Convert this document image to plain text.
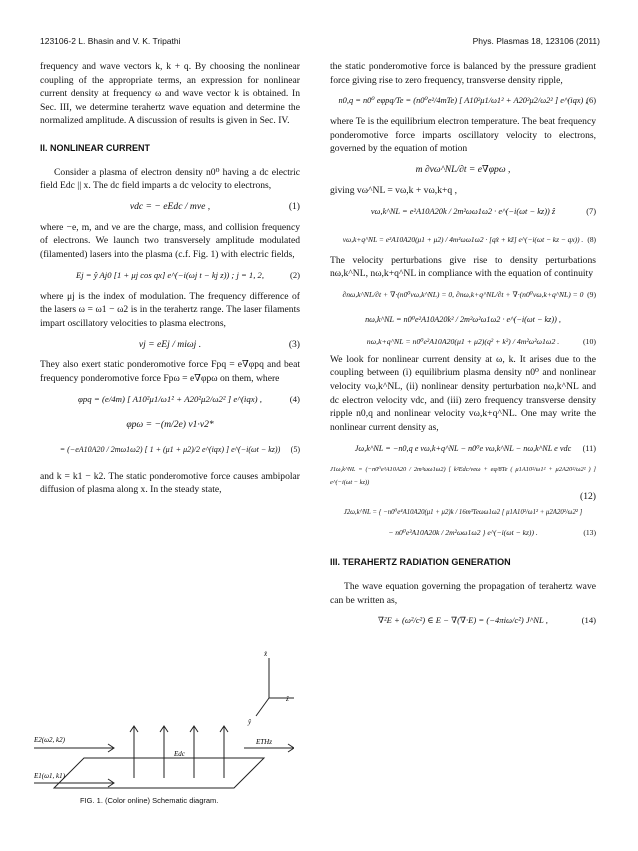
123106-2 L. Bhasin and V. K. Tripathi	Phys. Plasmas 18, 123106 (2011)

frequency and wave vectors k, k + q. By choosing the nonlinear coupling of the appropriate terms, an expression for nonlinear current density at frequency ω and wave vector k is obtained. In Sec. III, we determine terahertz wave equation and determine the normalized amplitude. A discussion of results is given in Sec. IV.

II. NONLINEAR CURRENT

Consider a plasma of electron density n0⁰ having a dc electric field Edc || x. The dc field imparts a dc velocity to electrons,

vdc = − eEdc / mνe ,	(1)

where −e, m, and νe are the charge, mass, and collision frequency of electrons. We launch two transversely amplitude modulated (filamented) lasers into the plasma (c.f. Fig. 1) with electric fields,

Ej = ŷ Aj0 [1 + μj cos qx] e^(−i(ωj t − kj z)) ; j = 1, 2,	(2)

where μj is the index of modulation. The frequency difference of the lasers ω = ω1 − ω2 is in the terahertz range. The laser filaments impart oscillatory velocities to plasma electrons,

vj = eEj / miωj .	(3)

They also exert static ponderomotive force Fpq = e∇φpq and beat frequency ponderomotive force Fpω = e∇φpω on them, where

φpq = (e/4m) [ A10²μ1/ω1² + A20²μ2/ω2² ] e^(iqx) ,	(4)
φpω = −(m/2e) v1·v2*
= (−eA10A20 / 2mω1ω2) [ 1 + (μ1 + μ2)/2 e^(iqx) ] e^(−i(ωt − kz)) (5)

and k = k1 − k2. The static ponderomotive force causes ambipolar diffusion of plasma along x. In the steady state,

x̂
ẑ
ŷ
E2(ω2, k2)
E1(ω1, k1)
Edc
ETHz
FIG. 1. (Color online) Schematic diagram.

the static ponderomotive force is balanced by the pressure gradient force giving rise to zero frequency, transverse density ripple,

n0,q = n0⁰ eφpq/Te = (n0⁰e²/4mTe) [ A10²μ1/ω1² + A20²μ2/ω2² ] e^(iqx) ,
(6)

where Te is the equilibrium electron temperature. The beat frequency ponderomotive force imparts oscillatory velocity to electrons, governed by the equation of motion

m ∂vω^NL/∂t = e∇φpω ,

giving vω^NL = vω,k + vω,k+q ,

vω,k^NL = e²A10A20k / 2m²ωω1ω2 · e^(−i(ωt − kz)) ẑ	(7)
vω,k+q^NL = e²A10A20(μ1 + μ2) / 4m²ωω1ω2 · [qx̂ + kẑ] e^(−i(ωt − kz − qx)) . (8)

The velocity perturbations give rise to density perturbations nω,k^NL, nω,k+q^NL in compliance with the equation of continuity

∂nω,k^NL/∂t + ∇·(n0⁰vω,k^NL) = 0, ∂nω,k+q^NL/∂t + ∇·(n0⁰vω,k+q^NL) = 0 (9)
nω,k^NL = n0⁰e²A10A20k² / 2m²ω²ω1ω2 · e^(−i(ωt − kz)) ,
nω,k+q^NL = n0⁰e²A10A20(μ1 + μ2)(q² + k²) / 4m²ω²ω1ω2 .	(10)

We look for nonlinear current density at ω, k. It arises due to the coupling between (i) equilibrium plasma density n0⁰ and nonlinear velocity vω,k^NL, (ii) nonlinear density perturbation nω,k^NL and dc electron velocity vdc, and (iii) zero frequency transverse density ripple n0,q and nonlinear velocity vω,k+q^NL. One may write the nonlinear current density as,

Jω,k^NL = −n0,q e vω,k+q^NL − n0⁰e vω,k^NL − nω,k^NL e vdc (11)
J1ω,k^NL = (−n0⁰e³A10A20 / 2m³ωω1ω2) [ k²Edc/νeω + eq/8Te ( μ1A10²/ω1² + μ2A20²/ω2² ) ] e^(−i(ωt − kz))
(12)
J2ω,k^NL = { −n0⁰e⁴A10A20(μ1 + μ2)k / 16m³Teωω1ω2 [ μ1A10²/ω1² + μ2A20²/ω2² ]
− n0⁰e³A10A20k / 2m²ωω1ω2 } e^(−i(ωt − kz)) .	(13)
III. TERAHERTZ RADIATION GENERATION

The wave equation governing the propagation of terahertz wave can be written as,

∇²E + (ω²/c²) ∈ E − ∇(∇·E) = (−4πiω/c²) J^NL ,	(14)
